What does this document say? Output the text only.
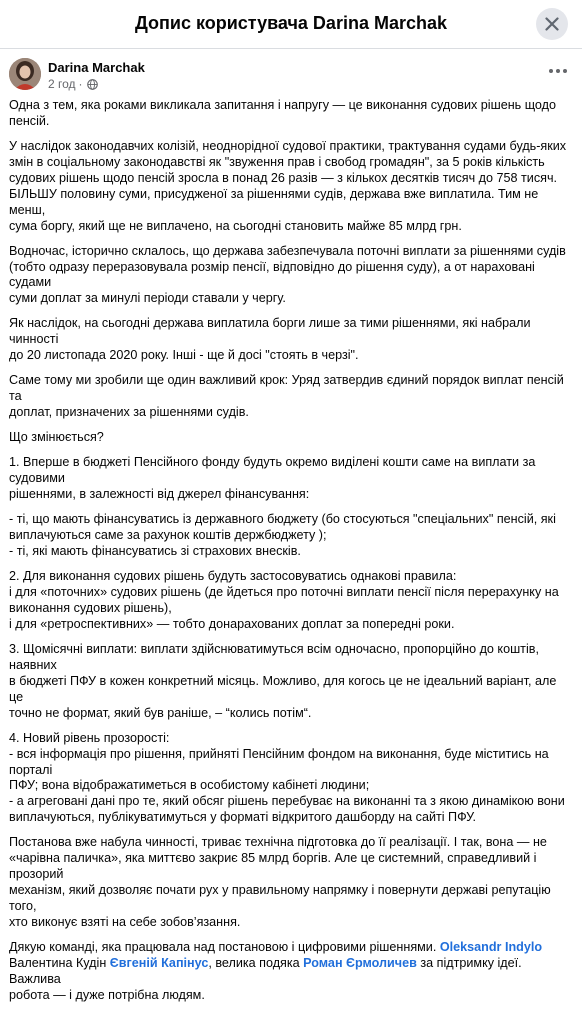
Допис користувача Darina Marchak
Darina Marchak
2 год ·

Одна з тем, яка роками викликала запитання і напругу — це виконання судових рішень щодо
пенсій.

У наслідок законодавчих колізій, неоднорідної судової практики, трактування судами будь-яких
змін в соціальному законодавстві як "звуження прав і свобод громадян", за 5 років кількість
судових рішень щодо пенсій зросла в понад 26 разів — з кількох десятків тисяч до 758 тисяч.
БІЛЬШУ половину суми, присудженої за рішеннями судів, держава вже виплатила. Тим не менш,
сума боргу, який ще не виплачено, на сьогодні становить майже 85 млрд грн.

Водночас, історично склалось, що держава забезпечувала поточні виплати за рішеннями судів
(тобто одразу переразовувала розмір пенсії, відповідно до рішення суду), а от нараховані судами
суми доплат за минулі періоди ставали у чергу.

Як наслідок, на сьогодні держава виплатила борги лише за тими рішеннями, які набрали чинності
до 20 листопада 2020 року. Інші - ще й досі "стоять в черзі".

Саме тому ми зробили ще один важливий крок: Уряд затвердив єдиний порядок виплат пенсій та
доплат, призначених за рішеннями судів.

Що змінюється?

1. Вперше в бюджеті Пенсійного фонду будуть окремо виділені кошти саме на виплати за судовими
рішеннями, в залежності від джерел фінансування:

- ті, що мають фінансуватись із державного бюджету (бо стосуються "спеціальних" пенсій, які
виплачуються саме за рахунок коштів держбюджету );
- ті, які мають фінансуватись зі страхових внесків.

2. Для виконання судових рішень будуть застосовуватись однакові правила:
і для «поточних» судових рішень (де йдеться про поточні виплати пенсії після перерахунку на
виконання судових рішень),
і для «ретроспективних» — тобто донарахованих доплат за попередні роки.

3. Щомісячні виплати: виплати здійснюватимуться всім одночасно, пропорційно до коштів, наявних
в бюджеті ПФУ в кожен конкретний місяць. Можливо, для когось це не ідеальний варіант, але це
точно не формат, який був раніше, – “колись потім“.

4. Новий рівень прозорості:
- вся інформація про рішення, прийняті Пенсійним фондом на виконання, буде міститись на порталі
ПФУ; вона відображатиметься в особистому кабінеті людини;
- а агреговані дані про те, який обсяг рішень перебуває на виконанні та з якою динамікою вони
виплачуються, публікуватимуться у форматі відкритого дашборду на сайті ПФУ.

Постанова вже набула чинності, триває технічна підготовка до її реалізації. І так, вона — не
«чарівна паличка», яка миттєво закриє 85 млрд боргів. Але це системний, справедливий і прозорий
механізм, який дозволяє почати рух у правильному напрямку і повернути державі репутацію того,
хто виконує взяті на себе зобов’язання.

Дякую команді, яка працювала над постановою і цифровими рішеннями. Oleksandr Indylo
Валентина Кудін Євгеній Капінус, велика подяка Роман Єрмоличев за підтримку ідеї. Важлива
робота — і дуже потрібна людям.
